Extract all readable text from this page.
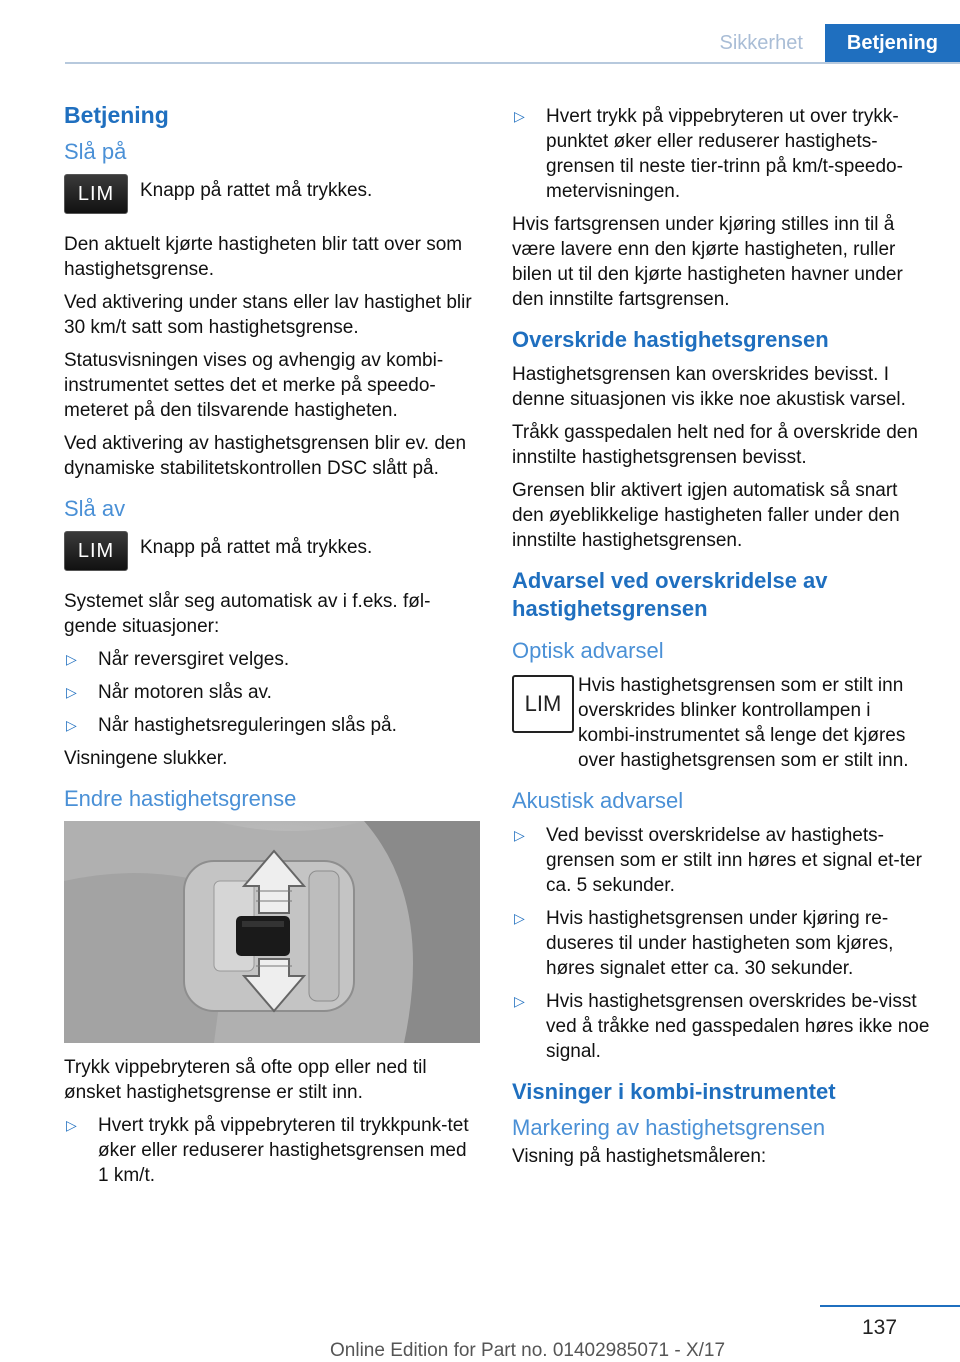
Sikkerhet	Betjening
Betjening
Slå på
LIM	Knapp på rattet må trykkes.

Den aktuelt kjørte hastigheten blir tatt over som hastighetsgrense.

Ved aktivering under stans eller lav hastighet blir 30 km/t satt som hastighetsgrense.

Statusvisningen vises og avhengig av kombi-instrumentet settes det et merke på speedo-meteret på den tilsvarende hastigheten.

Ved aktivering av hastighetsgrensen blir ev. den dynamiske stabilitetskontrollen DSC slått på.

Slå av
LIM	Knapp på rattet må trykkes.

Systemet slår seg automatisk av i f.eks. føl-gende situasjoner:

▷ Når reversgiret velges.
▷ Når motoren slås av.
▷ Når hastighetsreguleringen slås på.

Visningene slukker.

Endre hastighetsgrense

Trykk vippebryteren så ofte opp eller ned til ønsket hastighetsgrense er stilt inn.

▷ Hvert trykk på vippebryteren til trykkpunk-tet øker eller reduserer hastighetsgrensen med 1 km/t.
▷ Hvert trykk på vippebryteren ut over trykk-punktet øker eller reduserer hastighets-grensen til neste tier-trinn på km/t-speedo-metervisningen.

Hvis fartsgrensen under kjøring stilles inn til å være lavere enn den kjørte hastigheten, ruller bilen ut til den kjørte hastigheten havner under den innstilte fartsgrensen.

Overskride hastighetsgrensen

Hastighetsgrensen kan overskrides bevisst. I denne situasjonen vis ikke noe akustisk varsel.

Tråkk gasspedalen helt ned for å overskride den innstilte hastighetsgrensen bevisst.

Grensen blir aktivert igjen automatisk så snart den øyeblikkelige hastigheten faller under den innstilte hastighetsgrensen.

Advarsel ved overskridelse av hastighetsgrensen
Optisk advarsel
LIM

Hvis hastighetsgrensen som er stilt inn overskrides blinker kontrollampen i kombi-instrumentet så lenge det kjøres over hastighetsgrensen som er stilt inn.

Akustisk advarsel
▷ Ved bevisst overskridelse av hastighets-grensen som er stilt inn høres et signal et-ter ca. 5 sekunder.
▷ Hvis hastighetsgrensen under kjøring re-duseres til under hastigheten som kjøres, høres signalet etter ca. 30 sekunder.
▷ Hvis hastighetsgrensen overskrides be-visst ved å tråkke ned gasspedalen høres ikke noe signal.
Visninger i kombi-instrumentet
Markering av hastighetsgrensen

Visning på hastighetsmåleren:

137
Online Edition for Part no. 01402985071 - X/17
